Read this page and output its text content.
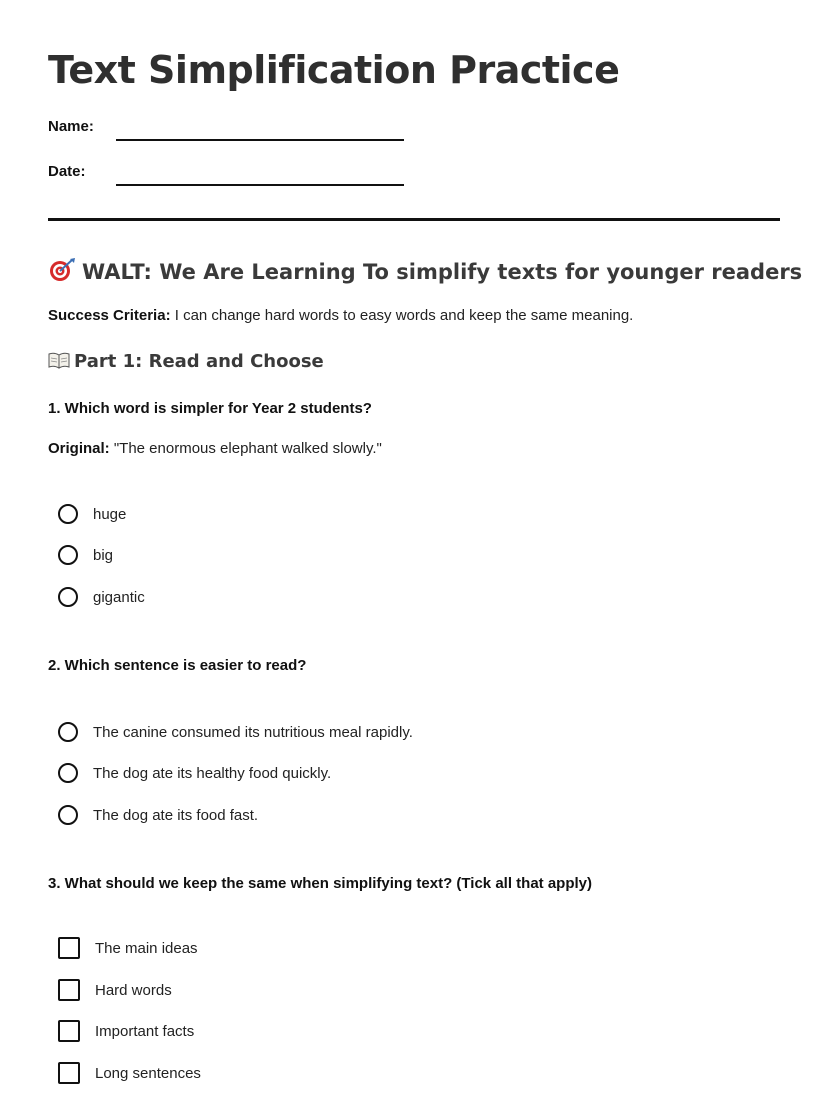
Text Simplification Practice
Name:
Date:
WALT: We Are Learning To simplify texts for younger readers
Success Criteria: I can change hard words to easy words and keep the same meaning.
Part 1: Read and Choose
1. Which word is simpler for Year 2 students?
Original: "The enormous elephant walked slowly."
huge
big
gigantic
2. Which sentence is easier to read?
The canine consumed its nutritious meal rapidly.
The dog ate its healthy food quickly.
The dog ate its food fast.
3. What should we keep the same when simplifying text? (Tick all that apply)
The main ideas
Hard words
Important facts
Long sentences
